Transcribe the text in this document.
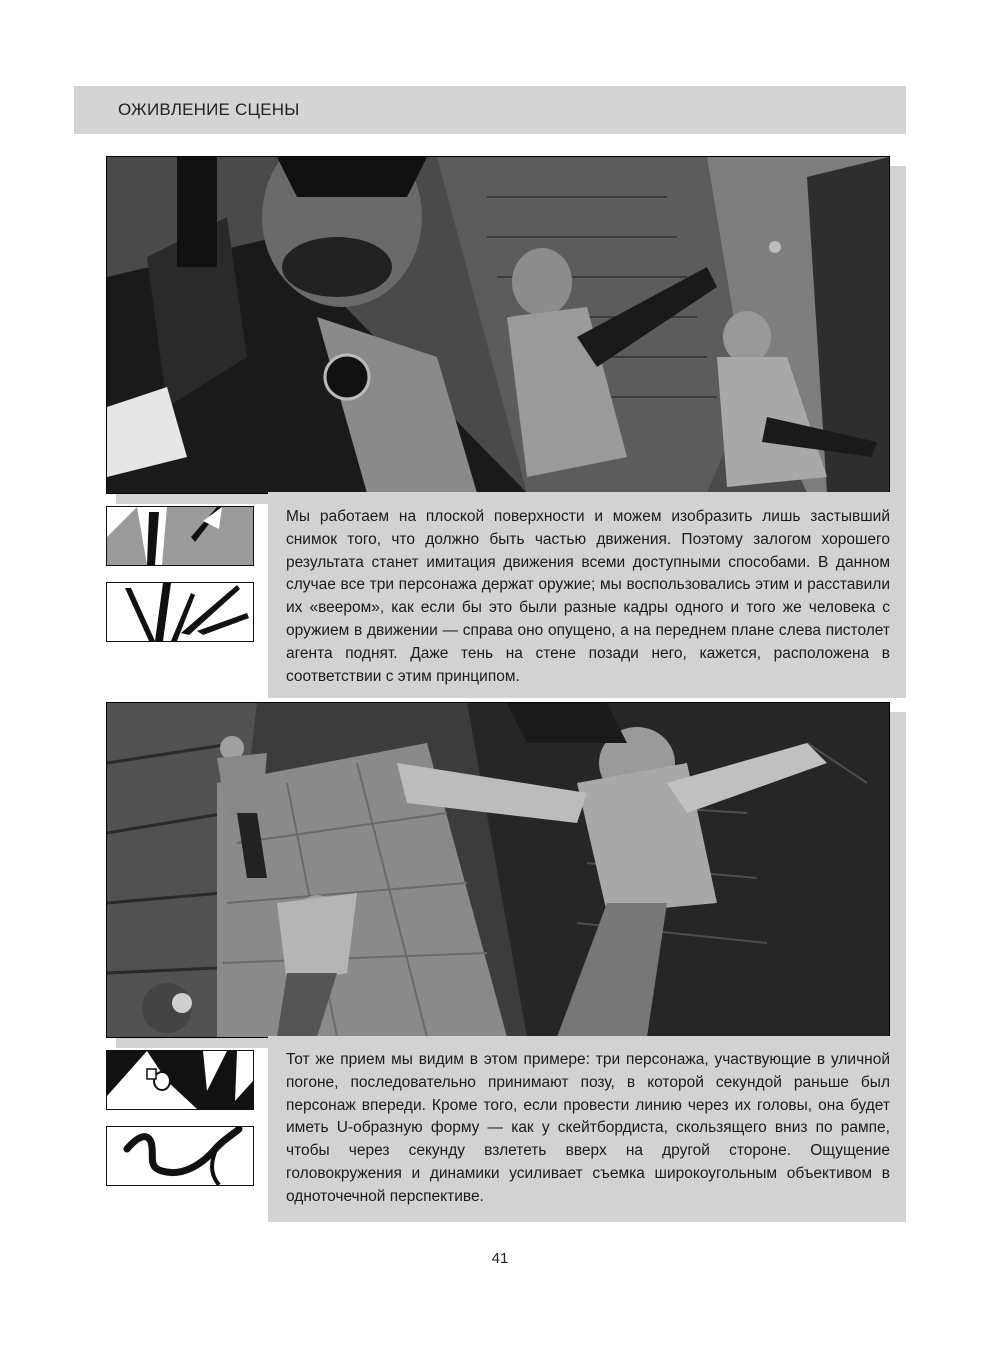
ОЖИВЛЕНИЕ СЦЕНЫ
Мы работаем на плоской поверхности и можем изобразить лишь застывший снимок того, что должно быть частью движения. Поэтому залогом хорошего результата станет имитация движения всеми доступными способами. В данном случае все три персонажа держат оружие; мы воспользовались этим и расставили их «веером», как если бы это были разные кадры одного и того же человека с оружием в движении — справа оно опущено, а на переднем плане слева пистолет агента поднят. Даже тень на стене позади него, кажется, расположена в соответствии с этим принципом.
Тот же прием мы видим в этом примере: три персонажа, участвующие в уличной погоне, последовательно принимают позу, в которой секундой раньше был персонаж впереди. Кроме того, если провести линию через их головы, она будет иметь U-образную форму — как у скейтбордиста, скользящего вниз по рампе, чтобы через секунду взлететь вверх на другой стороне. Ощущение головокружения и динамики усиливает съемка широкоугольным объективом в одноточечной перспективе.
41
